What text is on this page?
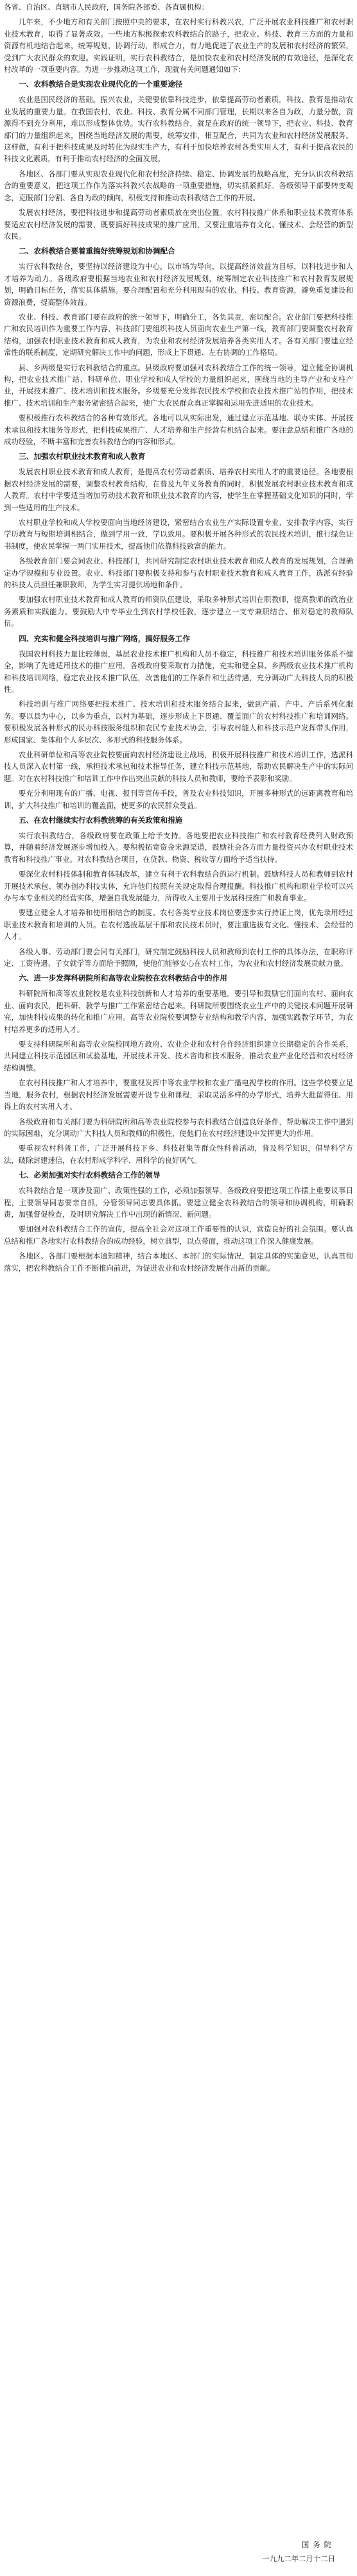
各省、自治区、直辖市人民政府，国务院各部委、各直属机构：

几年来，不少地方和有关部门按照中央的要求，在农村实行科教兴农，广泛开展农业科技推广和农村职业技术教育，取得了显著成效。一些地方积极探索农科教结合的路子，把农业、科技、教育三方面的力量和资源有机地结合起来，统筹规划，协调行动，形成合力，有力地促进了农业生产的发展和农村经济的繁荣，受到广大农民群众的欢迎。实践证明，实行农科教结合，是加快农业和农村经济发展的有效途径，是深化农村改革的一项重要内容。为进一步推动这项工作，现就有关问题通知如下：

一、农科教结合是实现农业现代化的一个重要途径

农业是国民经济的基础。振兴农业，关键要依靠科技进步，依靠提高劳动者素质。科技、教育是推动农业发展的重要力量。在我国农村，农业、科技、教育分属不同部门管理，长期以来各自为政，力量分散，资源得不到充分利用，难以形成整体优势。实行农科教结合，就是在政府的统一领导下，把农业、科技、教育部门的力量组织起来，围绕当地经济发展的需要，统筹安排，相互配合，共同为农业和农村经济发展服务。这样做，有利于把科技成果及时转化为现实生产力，有利于加快培养农村各类实用人才，有利于提高农民的科技文化素质，有利于推动农村经济的全面发展。

各地区、各部门要从实现农业现代化和农村经济持续、稳定、协调发展的战略高度，充分认识农科教结合的重要意义，把这项工作作为落实科教兴农战略的一项重要措施，切实抓紧抓好。各级领导干部要转变观念，克服部门分割、各自为政的倾向，积极支持和推动农科教结合工作的开展。

发展农村经济，要把科技进步和提高劳动者素质放在突出位置。农村科技推广体系和职业技术教育体系要适应农村经济发展的需要，既要搞好科技成果的推广应用，又要注重培养有文化、懂技术、会经营的新型农民。

二、农科教结合要着重搞好统筹规划和协调配合

实行农科教结合，要坚持以经济建设为中心，以市场为导向，以提高经济效益为目标，以科技进步和人才培养为动力。各级政府要根据当地农业和农村经济发展规划，统筹制定农业科技推广和农村教育发展规划，明确目标任务，落实具体措施。要合理配置和充分利用现有的农业、科技、教育资源，避免重复建设和资源浪费，提高整体效益。

农业、科技、教育部门要在政府的统一领导下，明确分工，各负其责，密切配合。农业部门要把科技推广和农民培训作为重要工作内容，科技部门要组织科技人员面向农业生产第一线，教育部门要调整农村教育结构，加强农村职业技术教育和成人教育，为农业和农村经济发展培养各类实用人才。各有关部门要建立经常性的联系制度，定期研究解决工作中的问题，形成上下贯通、左右协调的工作格局。

县、乡两级是实行农科教结合的重点。县级政府要加强对农科教结合工作的统一领导，建立健全协调机构，把农业技术推广站、科研单位、职业学校和成人学校的力量组织起来，围绕当地的主导产业和支柱产业，开展技术推广、技术培训和技术服务。乡级要充分发挥农民技术学校和农业技术推广站的作用，把技术推广、技术培训和生产服务紧密结合起来，使广大农民群众真正掌握和运用先进适用的农业技术。

要积极推行农科教结合的各种有效形式。各地可以从实际出发，通过建立示范基地、联办实体、开展技术承包和技术服务等形式，把科技成果推广、人才培养和生产经营有机结合起来。要注意总结和推广各地的成功经验，不断丰富和完善农科教结合的内容和形式。

三、加强农村职业技术教育和成人教育

发展农村职业技术教育和成人教育，是提高农村劳动者素质、培养农村实用人才的重要途径。各地要根据农村经济发展的需要，调整农村教育结构，在普及九年义务教育的同时，积极发展农村职业技术教育和成人教育。农村中学要适当增加劳动技术教育和职业技术教育的内容，使学生在掌握基础文化知识的同时，学到一些适用的生产技术。

农村职业学校和成人学校要面向当地经济建设，紧密结合农业生产实际设置专业、安排教学内容，实行学历教育与短期培训相结合，做到学用一致，学以致用。要积极开展各种形式的农民技术培训，推行绿色证书制度，使农民掌握一两门实用技术，提高他们依靠科技致富的能力。

各级教育部门要会同农业、科技部门，共同研究制定农村职业技术教育和成人教育的发展规划，合理确定办学规模和专业设置。农业、科技部门要积极支持和参与农村职业技术教育和成人教育工作，选派有经验的科技人员担任兼职教师，为学生实习提供场地和条件。

要加强农村职业技术教育和成人教育的师资队伍建设，采取多种形式培训在职教师，提高教师的政治业务素质和实践能力。要鼓励大中专毕业生到农村学校任教，逐步建立一支专兼职结合、相对稳定的教师队伍。

四、充实和健全科技培训与推广网络，搞好服务工作

我国农村科技力量比较薄弱，基层农业技术推广机构和人员不稳定，科技推广和技术培训服务体系不健全，影响了先进适用技术的推广应用。各级政府要采取有力措施，充实和健全县、乡两级农业技术推广机构和科技培训网络，稳定农业技术推广队伍，改善他们的工作条件和生活待遇，充分调动广大科技人员的积极性。

科技培训与推广网络要把技术推广、技术培训和技术服务结合起来，做到产前、产中、产后系列化服务。要以县为中心，以乡为重点，以村为基础，逐步形成上下贯通、覆盖面广的农村科技推广和培训网络。要积极发展各种形式的民办科技服务组织和农民专业技术协会，引导农村能人和科技示范户发挥带头作用，形成国家、集体和个人多层次、多形式的科技服务体系。

农业科研单位和高等农业院校要面向农村经济建设主战场，积极开展科技推广和技术培训工作，选派科技人员深入农村第一线，承担技术承包和技术指导任务，建立科技示范基地，帮助农民解决生产中的实际问题。对在农村科技推广和培训工作中作出突出贡献的科技人员和教师，要给予表彰和奖励。

要充分利用现有的广播、电视、报刊等宣传手段，普及农业科技知识，开展多种形式的远距离教育和培训，扩大科技推广和培训的覆盖面，使更多的农民群众受益。

五、在农村继续实行农科教统筹的有关政策和措施

实行农科教结合，各级政府要在政策上给予支持。各地要把农业科技推广和农村教育经费列入财政预算，并随着经济发展逐步增加投入。要积极拓宽资金来源渠道，鼓励社会各方面力量投资兴办农村职业技术教育和科技推广事业。对农科教结合项目，在贷款、物资、税收等方面给予适当扶持。

要深化农村科技体制和教育体制改革，建立有利于农科教结合的运行机制。鼓励科技人员和教师到农村开展技术承包、领办创办科技实体，允许他们按照有关规定取得合理报酬。科技推广机构和职业学校可以兴办与本专业相关的经营实体，增强自我发展能力，所得收入主要用于发展科技推广和教育事业。

要建立健全人才培养和使用相结合的制度。农村各类专业技术岗位要逐步实行持证上岗，优先录用经过职业技术教育和培训的人员。在农村选拔基层干部和农民技术员时，要注重选拔有文化、懂技术、会经营的人才。

各级人事、劳动部门要会同有关部门，研究制定鼓励科技人员和教师到农村工作的具体办法，在职称评定、工资待遇、子女就学等方面给予照顾，使他们能够安心在农村工作，为农业和农村经济发展贡献力量。

六、进一步发挥科研院所和高等农业院校在农科教结合中的作用

科研院所和高等农业院校是农业科技创新和人才培养的重要基地。要引导和鼓励它们面向农村、面向农业、面向农民，把科研、教学与推广工作紧密结合起来。科研院所要围绕农业生产中的关键技术问题开展研究，加快科技成果的转化和推广应用。高等农业院校要调整专业结构和教学内容，加强实践教学环节，为农村培养更多的适用人才。

要支持科研院所和高等农业院校同地方政府、农业企业和农村合作经济组织建立长期稳定的合作关系，共同建立科技示范园区和试验基地，开展技术开发、技术咨询和技术服务，推动农业产业化经营和农村经济结构调整。

在农村科技推广和人才培养中，要重视发挥中等农业学校和农业广播电视学校的作用。这些学校要立足当地，服务农村，根据农村经济发展需要开设专业和课程，采取灵活多样的办学形式，培养大批留得住、用得上的农村实用人才。

各级政府和有关部门要为科研院所和高等农业院校参与农科教结合创造良好条件，帮助解决工作中遇到的实际困难，充分调动广大科技人员和教师的积极性，使他们在农村经济建设中发挥更大的作用。

要重视农村科普工作，广泛开展科技下乡、科技赶集等群众性科普活动，普及科学知识，倡导科学方法，破除封建迷信，在农村形成学科学、用科学的良好风气。

七、必须加强对实行农科教结合工作的领导

农科教结合是一项涉及面广、政策性强的工作，必须加强领导。各级政府要把这项工作摆上重要议事日程，主要领导同志要亲自抓，分管领导同志要具体抓。要建立健全农科教结合的领导和协调机构，明确职责，加强督促检查，及时研究解决工作中出现的新情况、新问题。

要加强对农科教结合工作的宣传，提高全社会对这项工作重要性的认识，营造良好的社会氛围。要认真总结和推广各地实行农科教结合的成功经验，树立典型，以点带面，推动这项工作深入健康发展。

各地区、各部门要根据本通知精神，结合本地区、本部门的实际情况，制定具体的实施意见，认真贯彻落实，把农科教结合工作不断推向前进，为促进农业和农村经济发展作出新的贡献。

国务院
一九九二年二月十二日
